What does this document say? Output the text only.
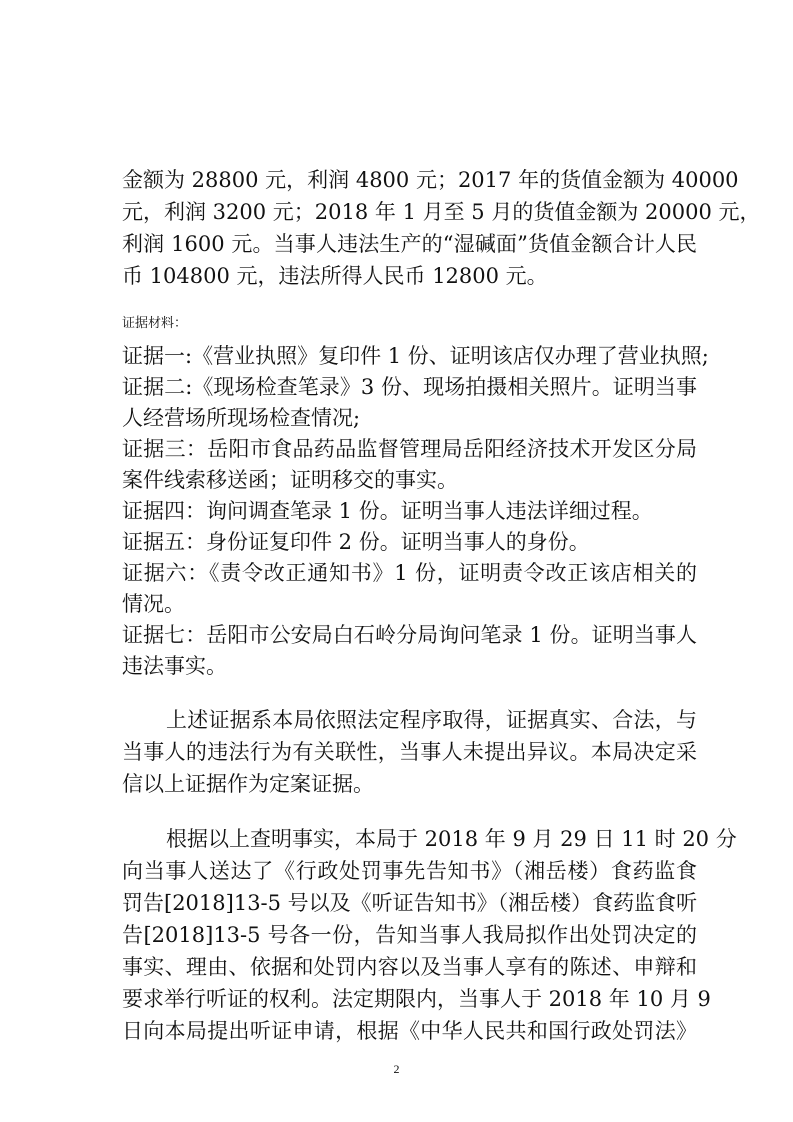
金额为 28800 元，利润 4800 元；2017 年的货值金额为 40000
元，利润 3200 元；2018 年 1 月至 5 月的货值金额为 20000 元，
利润 1600 元。当事人违法生产的“湿碱面”货值金额合计人民
币 104800 元，违法所得人民币 12800 元。
证据材料：
证据一:《营业执照》复印件 1 份、证明该店仅办理了营业执照;
证据二:《现场检查笔录》3 份、现场拍摄相关照片。证明当事
人经营场所现场检查情况;
证据三：岳阳市食品药品监督管理局岳阳经济技术开发区分局
案件线索移送函；证明移交的事实。
证据四：询问调查笔录 1 份。证明当事人违法详细过程。
证据五：身份证复印件 2 份。证明当事人的身份。
证据六：《责令改正通知书》1 份，证明责令改正该店相关的
情况。
证据七：岳阳市公安局白石岭分局询问笔录 1 份。证明当事人
违法事实。
上述证据系本局依照法定程序取得，证据真实、合法，与
当事人的违法行为有关联性，当事人未提出异议。本局决定采
信以上证据作为定案证据。
根据以上查明事实，本局于 2018 年 9 月 29 日 11 时 20 分
向当事人送达了《行政处罚事先告知书》（湘岳楼）食药监食
罚告[2018]13-5 号以及《听证告知书》（湘岳楼）食药监食听
告[2018]13-5 号各一份，告知当事人我局拟作出处罚决定的
事实、理由、依据和处罚内容以及当事人享有的陈述、申辩和
要求举行听证的权利。法定期限内，当事人于 2018 年 10 月 9
日向本局提出听证申请，根据《中华人民共和国行政处罚法》
2
